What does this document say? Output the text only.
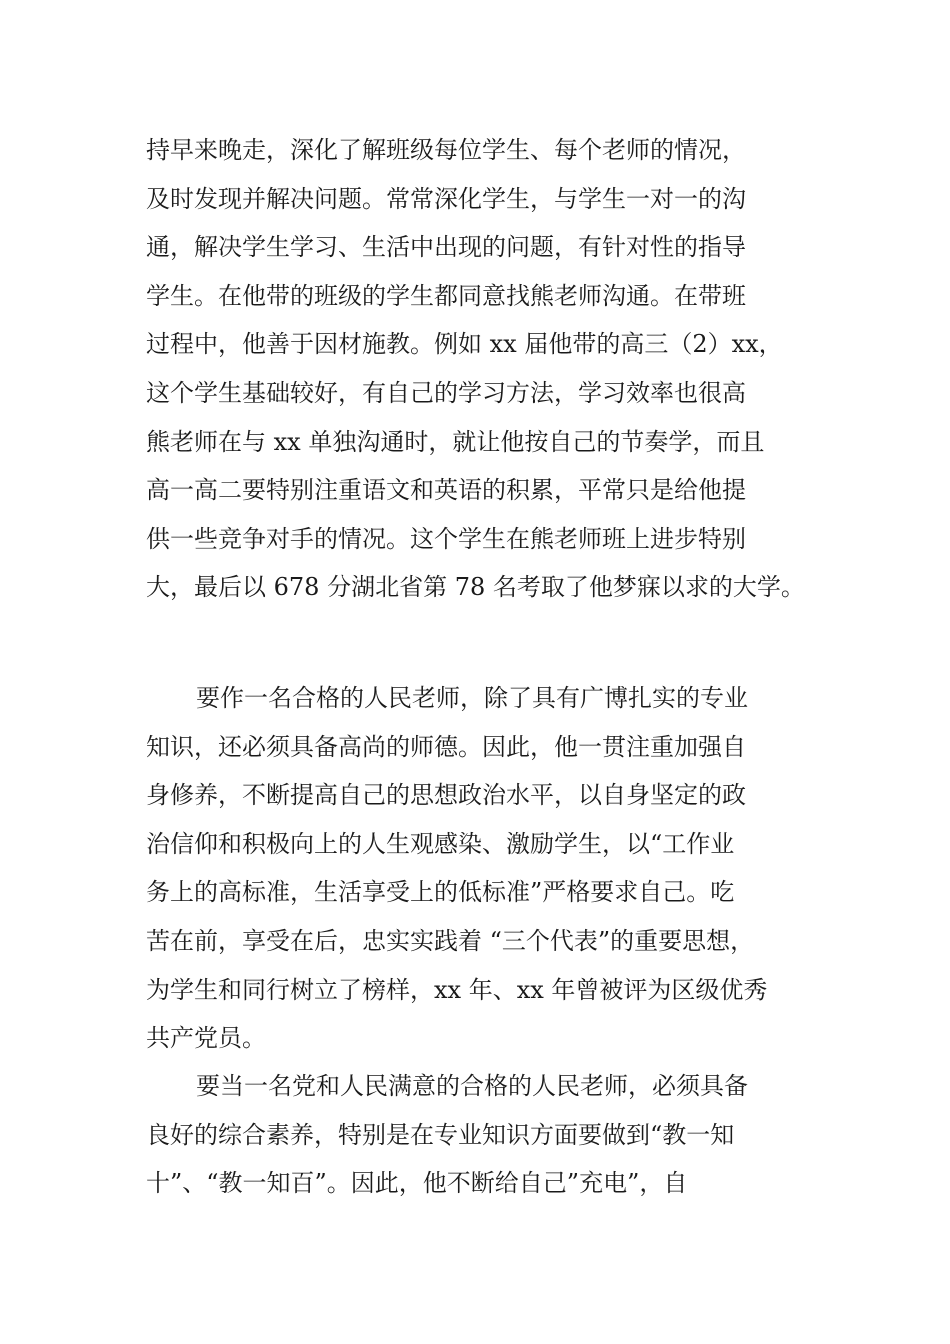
持早来晚走，深化了解班级每位学生、每个老师的情况，
及时发现并解决问题。常常深化学生，与学生一对一的沟
通，解决学生学习、生活中出现的问题，有针对性的指导
学生。在他带的班级的学生都同意找熊老师沟通。在带班
过程中，他善于因材施教。例如 xx 届他带的高三（2）xx，
这个学生基础较好，有自己的学习方法，学习效率也很高
熊老师在与 xx 单独沟通时，就让他按自己的节奏学，而且
高一高二要特别注重语文和英语的积累，平常只是给他提
供一些竞争对手的情况。这个学生在熊老师班上进步特别
大，最后以 678 分湖北省第 78 名考取了他梦寐以求的大学。
要作一名合格的人民老师，除了具有广博扎实的专业
知识，还必须具备高尚的师德。因此，他一贯注重加强自
身修养，不断提高自己的思想政治水平，以自身坚定的政
治信仰和积极向上的人生观感染、激励学生，以“工作业
务上的高标准，生活享受上的低标准”严格要求自己。吃
苦在前，享受在后，忠实实践着 “三个代表”的重要思想，
为学生和同行树立了榜样，xx 年、xx 年曾被评为区级优秀
共产党员。
要当一名党和人民满意的合格的人民老师，必须具备
良好的综合素养，特别是在专业知识方面要做到“教一知
十”、“教一知百”。因此，他不断给自己”充电”，自
